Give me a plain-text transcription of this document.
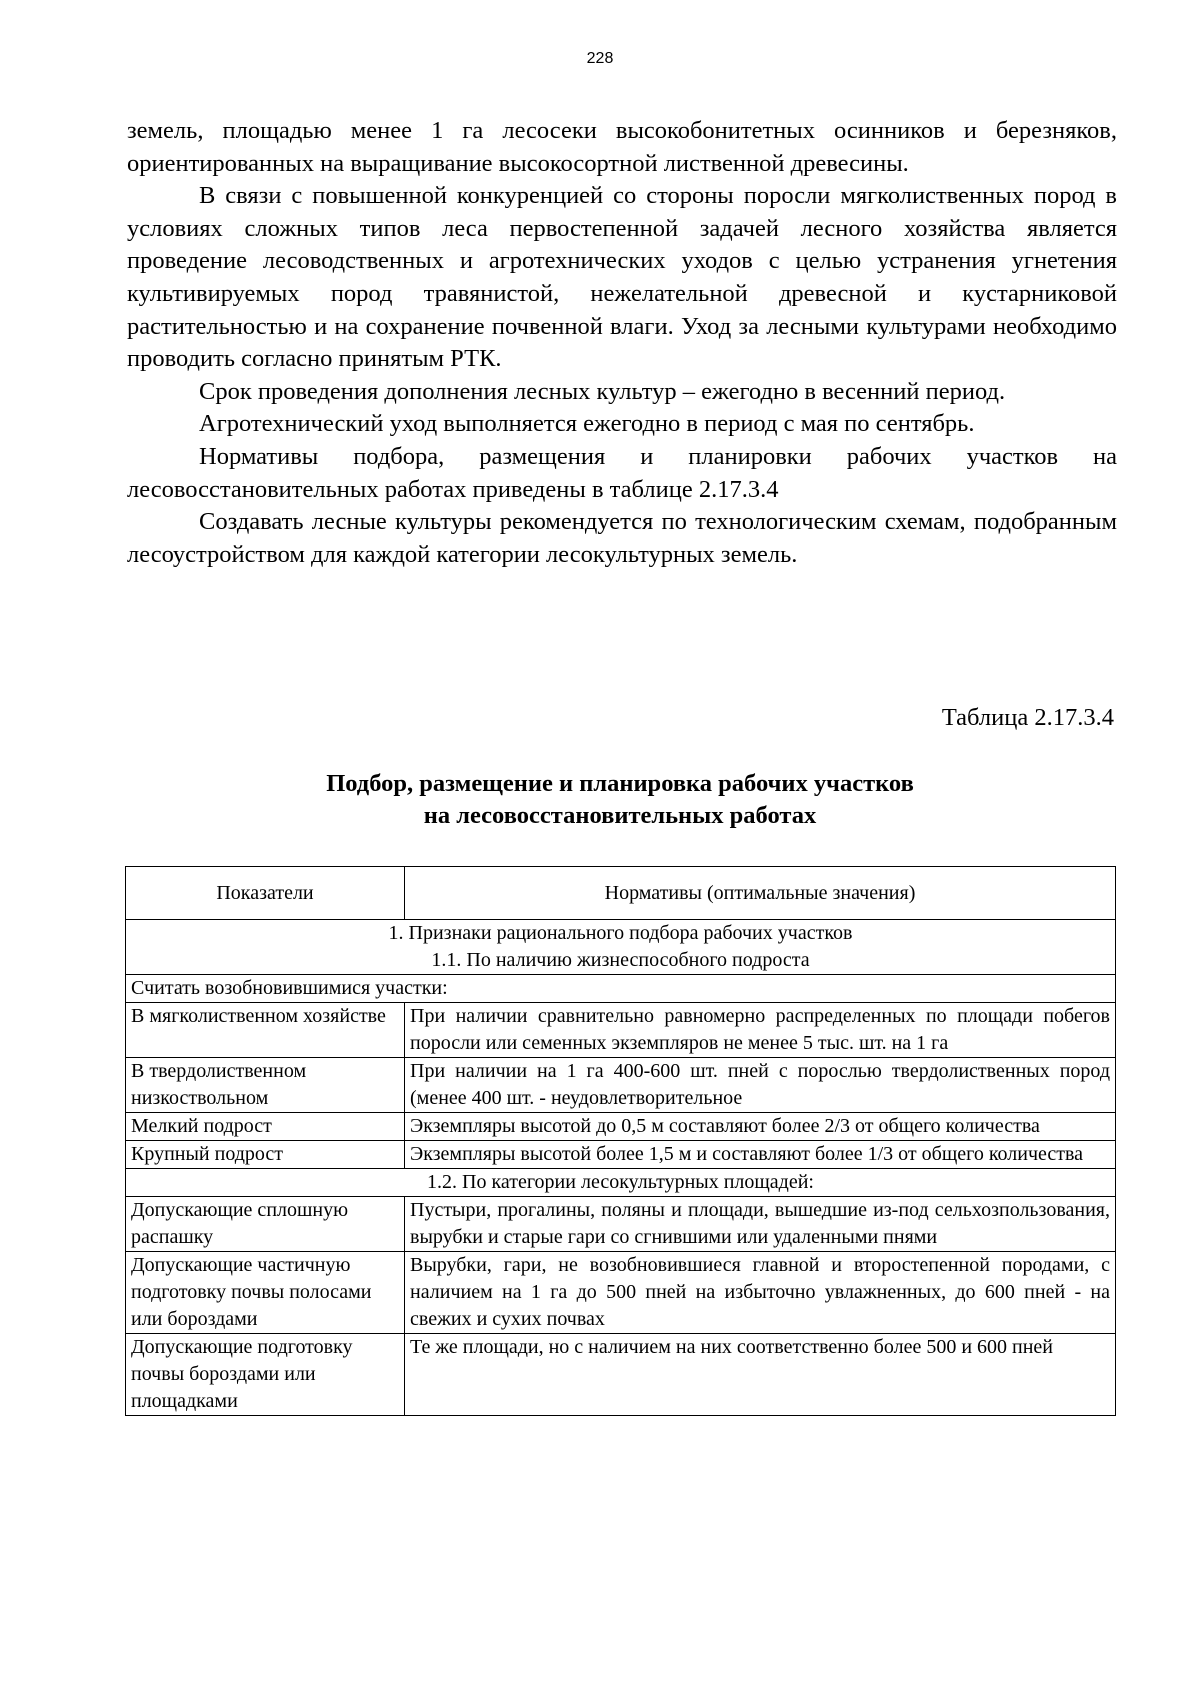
228

земель, площадью менее 1 га лесосеки высокобонитетных осинников и березняков, ориентированных на выращивание высокосортной лиственной древесины.

В связи с повышенной конкуренцией со стороны поросли мягколиственных пород в условиях сложных типов леса первостепенной задачей лесного хозяйства является проведение лесоводственных и агротехнических уходов с целью устранения угнетения культивируемых пород травянистой, нежелательной древесной и кустарниковой растительностью и на сохранение почвенной влаги. Уход за лесными культурами необходимо проводить согласно принятым РТК.

Срок проведения дополнения лесных культур – ежегодно в весенний период.

Агротехнический уход выполняется ежегодно в период с мая по сентябрь.

Нормативы подбора, размещения и планировки рабочих участков на лесовосстановительных работах приведены в таблице 2.17.3.4

Создавать лесные культуры рекомендуется по технологическим схемам, подобранным лесоустройством для каждой категории лесокультурных земель.

Таблица 2.17.3.4
Подбор, размещение и планировка рабочих участков
на лесовосстановительных работах
Показатели	Нормативы (оптимальные значения)

1. Признаки рационального подбора рабочих участков
1.1. По наличию жизнеспособного подроста	

Считать возобновившимися участки:	
В мягколиственном хозяйстве	При наличии сравнительно равномерно распределенных по площади побегов поросли или семенных экземпляров не менее 5 тыс. шт. на 1 га
В твердолиственном низкоствольном	При наличии на 1 га 400-600 шт. пней с порослью твердолиственных пород (менее 400 шт. - неудовлетворительное
Мелкий подрост	Экземпляры высотой до 0,5 м составляют более 2/3 от общего количества
Крупный подрост	Экземпляры высотой более 1,5 м и составляют более 1/3 от общего количества
1.2. По категории лесокультурных площадей:	
Допускающие сплошную распашку	Пустыри, прогалины, поляны и площади, вышедшие из-под сельхозпользования, вырубки и старые гари со сгнившими или удаленными пнями
Допускающие частичную подготовку почвы полосами или бороздами	Вырубки, гари, не возобновившиеся главной и второстепенной породами, с наличием на 1 га до 500 пней на избыточно увлажненных, до 600 пней - на свежих и сухих почвах
Допускающие подготовку почвы бороздами или площадками	Те же площади, но с наличием на них соответственно более 500 и 600 пней
